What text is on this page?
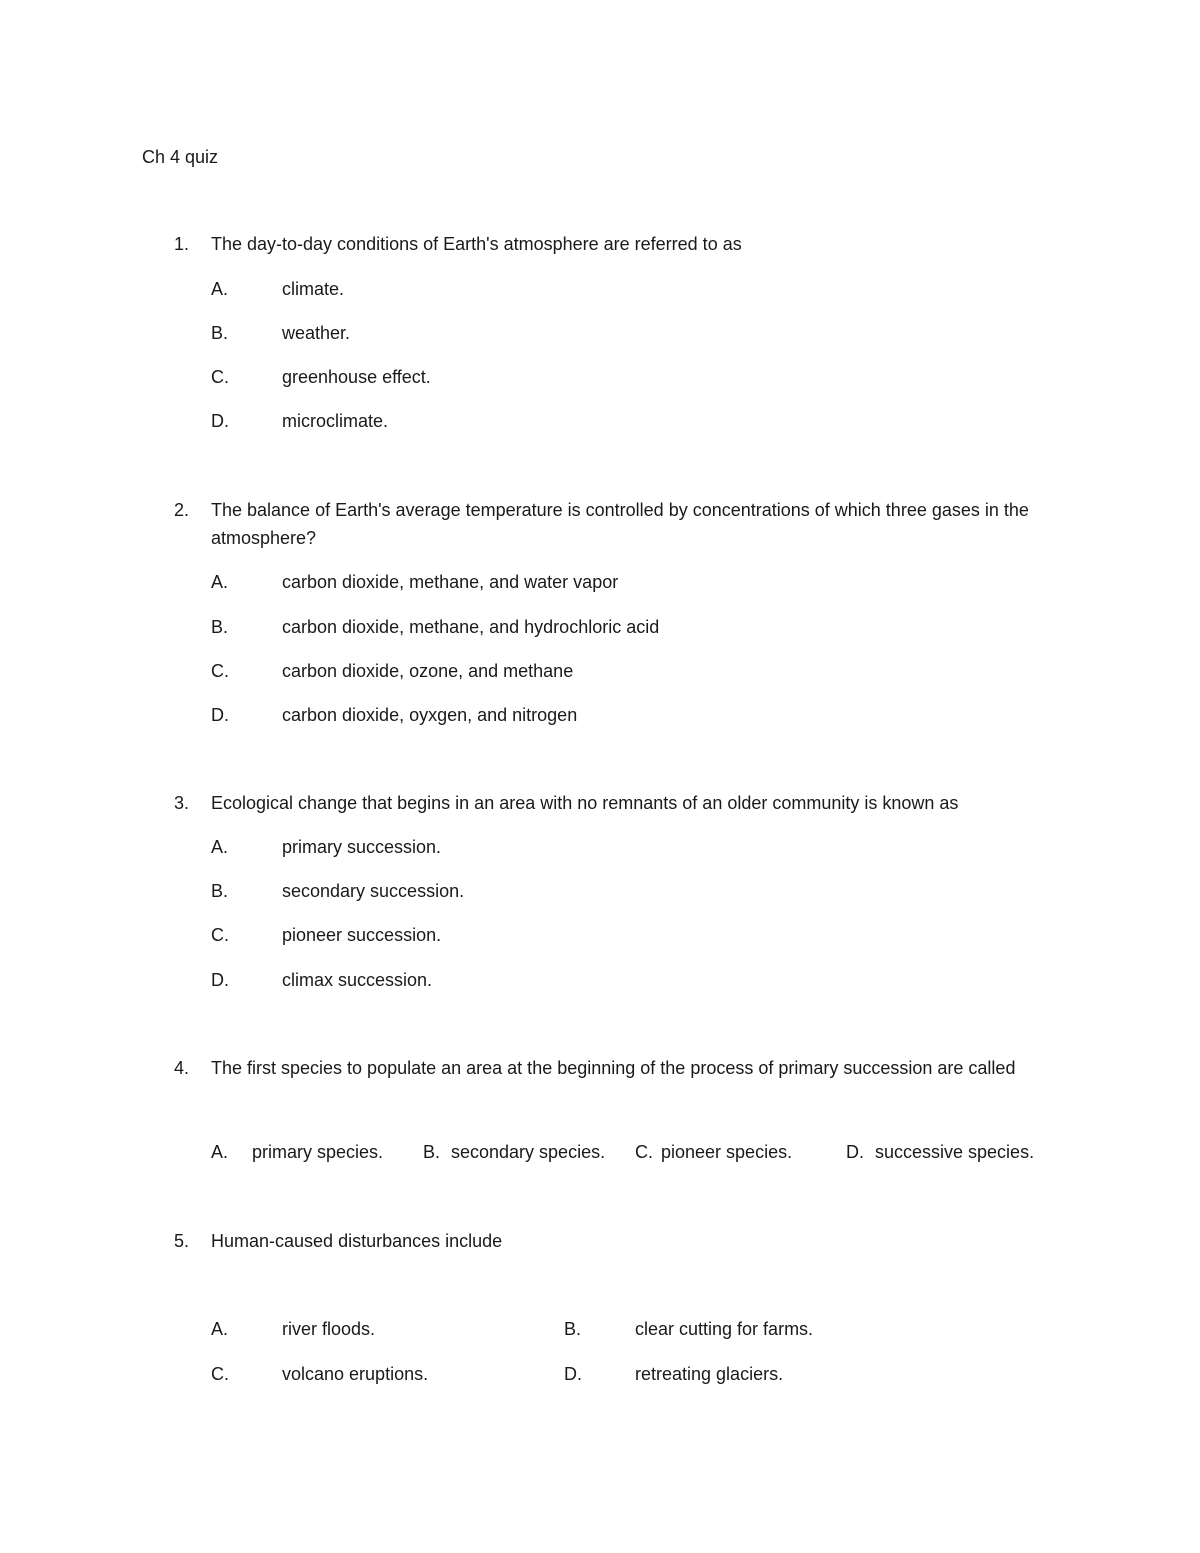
Ch 4 quiz
1.	The day-to-day conditions of Earth's atmosphere are referred to as
A.	climate.
B.	weather.
C.	greenhouse effect.
D.	microclimate.
2.	The balance of Earth's average temperature is controlled by concentrations of which three gases in the atmosphere?
A.	carbon dioxide, methane, and water vapor
B.	carbon dioxide, methane, and hydrochloric acid
C.	carbon dioxide, ozone, and methane
D.	carbon dioxide, oyxgen, and nitrogen
3.	Ecological change that begins in an area with no remnants of an older community is known as
A.	primary succession.
B.	secondary succession.
C.	pioneer succession.
D.	climax succession.
4.	The first species to populate an area at the beginning of the process of primary succession are called
A. primary species. B. secondary species. C. pioneer species.	D. successive species.
5.	Human-caused disturbances include
A.	river floods.	B.	clear cutting for farms.
C.	volcano eruptions.	D.	retreating glaciers.
